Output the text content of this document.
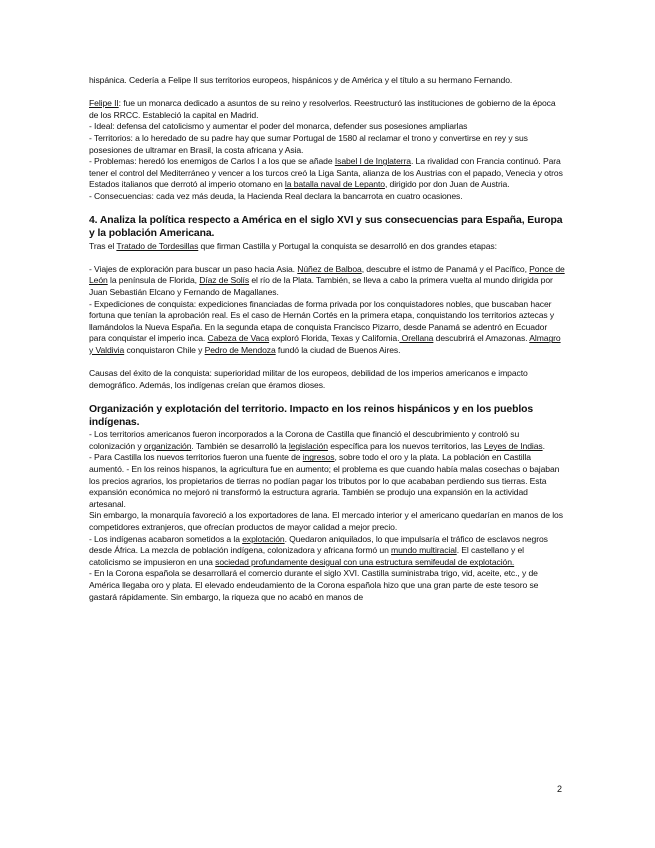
hispánica. Cedería a Felipe II sus territorios europeos, hispánicos y de América y el título a su hermano Fernando.

Felipe II: fue un monarca dedicado a asuntos de su reino y resolverlos. Reestructuró las instituciones de gobierno de la época de los RRCC. Estableció la capital en Madrid.

- Ideal: defensa del catolicismo y aumentar el poder del monarca, defender sus posesiones ampliarlas

- Territorios: a lo heredado de su padre hay que sumar Portugal de 1580 al reclamar el trono y convertirse en rey y sus posesiones de ultramar en Brasil, la costa africana y Asia.

- Problemas: heredó los enemigos de Carlos I a los que se añade Isabel I de Inglaterra. La rivalidad con Francia continuó. Para tener el control del Mediterráneo y vencer a los turcos creó la Liga Santa, alianza de los Austrias con el papado, Venecia y otros Estados italianos que derrotó al imperio otomano en la batalla naval de Lepanto, dirigido por don Juan de Austria.

- Consecuencias: cada vez más deuda, la Hacienda Real declara la bancarrota en cuatro ocasiones.

4. Analiza la política respecto a América en el siglo XVI y sus consecuencias para España, Europa y la población Americana.

Tras el Tratado de Tordesillas que firman Castilla y Portugal la conquista se desarrolló en dos grandes etapas:

- Viajes de exploración para buscar un paso hacia Asia. Núñez de Balboa, descubre el istmo de Panamá y el Pacífico, Ponce de León la península de Florida, Díaz de Solís el río de la Plata. También, se lleva a cabo la primera vuelta al mundo dirigida por Juan Sebastián Elcano y Fernando de Magallanes.

- Expediciones de conquista: expediciones financiadas de forma privada por los conquistadores nobles, que buscaban hacer fortuna que tenían la aprobación real. Es el caso de Hernán Cortés en la primera etapa, conquistando los territorios aztecas y llamándolos la Nueva España. En la segunda etapa de conquista Francisco Pizarro, desde Panamá se adentró en Ecuador para conquistar el imperio inca. Cabeza de Vaca exploró Florida, Texas y California. Orellana descubrirá el Amazonas. Almagro y Valdivia conquistaron Chile y Pedro de Mendoza fundó la ciudad de Buenos Aires.

Causas del éxito de la conquista: superioridad militar de los europeos, debilidad de los imperios americanos e impacto demográfico. Además, los indígenas creían que éramos dioses.

Organización y explotación del territorio. Impacto en los reinos hispánicos y en los pueblos indígenas.

- Los territorios americanos fueron incorporados a la Corona de Castilla que financió el descubrimiento y controló su colonización y organización. También se desarrolló la legislación específica para los nuevos territorios, las Leyes de Indias.

- Para Castilla los nuevos territorios fueron una fuente de ingresos, sobre todo el oro y la plata. La población en Castilla aumentó. - En los reinos hispanos, la agricultura fue en aumento; el problema es que cuando había malas cosechas o bajaban los precios agrarios, los propietarios de tierras no podían pagar los tributos por lo que acababan perdiendo sus tierras. Esta expansión económica no mejoró ni transformó la estructura agraria. También se produjo una expansión en la actividad artesanal.

Sin embargo, la monarquía favoreció a los exportadores de lana. El mercado interior y el americano quedarían en manos de los competidores extranjeros, que ofrecían productos de mayor calidad a mejor precio.

- Los indígenas acabaron sometidos a la explotación. Quedaron aniquilados, lo que impulsaría el tráfico de esclavos negros desde África. La mezcla de población indígena, colonizadora y africana formó un mundo multiracial. El castellano y el catolicismo se impusieron en una sociedad profundamente desigual con una estructura semifeudal de explotación.

- En la Corona española se desarrollará el comercio durante el siglo XVI. Castilla suministraba trigo, vid, aceite, etc., y de América llegaba oro y plata. El elevado endeudamiento de la Corona española hizo que una gran parte de este tesoro se gastará rápidamente. Sin embargo, la riqueza que no acabó en manos de

2
